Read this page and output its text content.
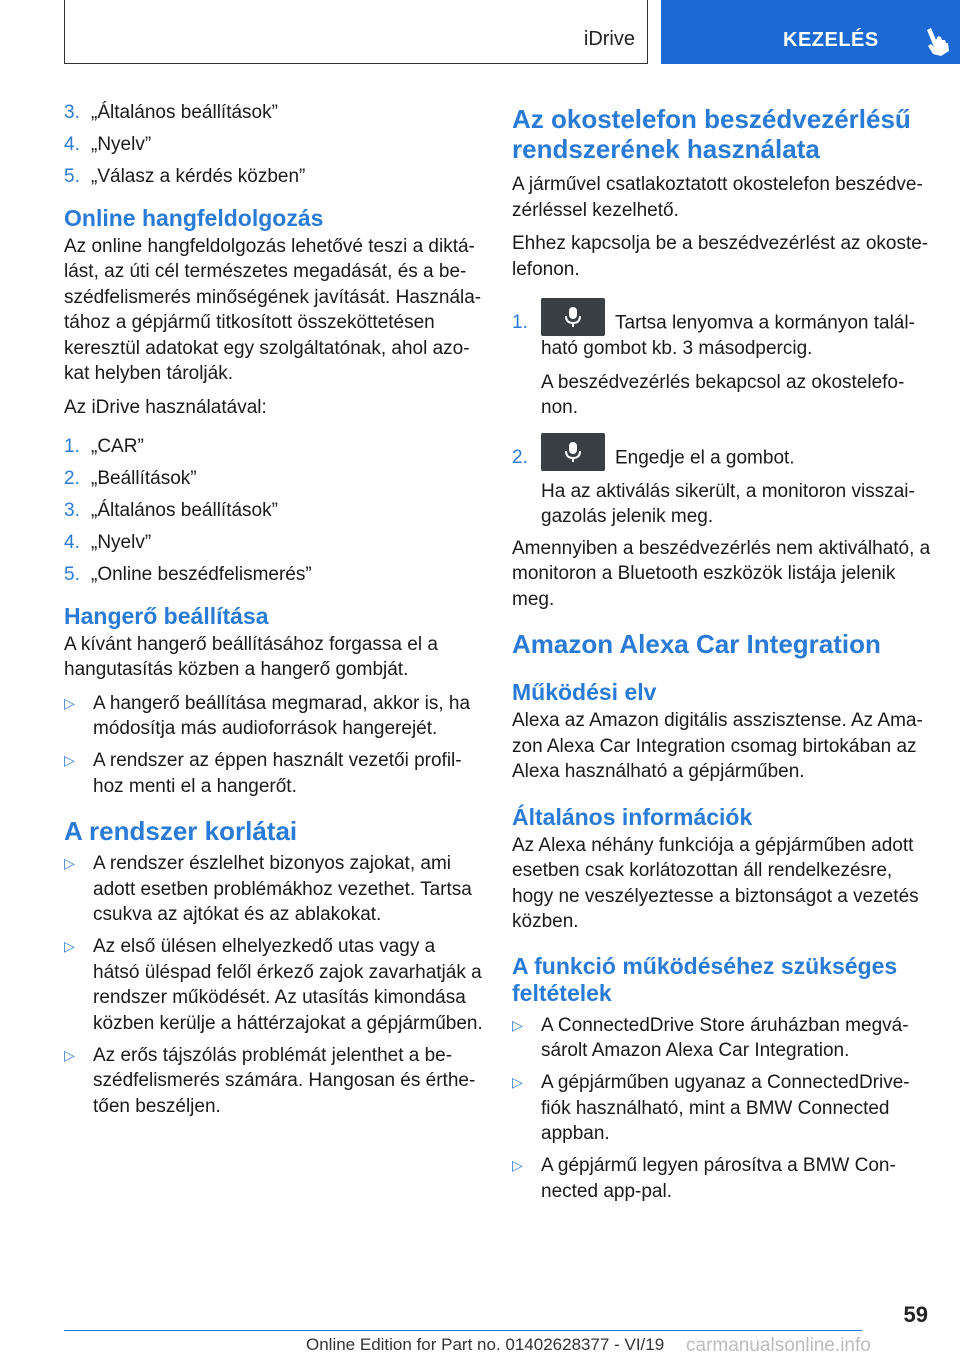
iDrive	KEZELÉS
3. „Általános beállítások”
4. „Nyelv”
5. „Válasz a kérdés közben”
Online hangfeldolgozás

Az online hangfeldolgozás lehetővé teszi a diktá-
lást, az úti cél természetes megadását, és a be-
szédfelismerés minőségének javítását. Használa-
tához a gépjármű titkosított összeköttetésen
keresztül adatokat egy szolgáltatónak, ahol azo-
kat helyben tárolják.

Az iDrive használatával:

1. „CAR”
2. „Beállítások”
3. „Általános beállítások”
4. „Nyelv”
5. „Online beszédfelismerés”
Hangerő beállítása

A kívánt hangerő beállításához forgassa el a
hangutasítás közben a hangerő gombját.

▷ A hangerő beállítása megmarad, akkor is, ha
módosítja más audioforrások hangerejét.

▷ A rendszer az éppen használt vezetői profil-
hoz menti el a hangerőt.

A rendszer korlátai
▷ A rendszer észlelhet bizonyos zajokat, ami
adott esetben problémákhoz vezethet. Tartsa
csukva az ajtókat és az ablakokat.

▷ Az első ülésen elhelyezkedő utas vagy a
hátsó üléspad felől érkező zajok zavarhatják a
rendszer működését. Az utasítás kimondása
közben kerülje a háttérzajokat a gépjárműben.

▷ Az erős tájszólás problémát jelenthet a be-
szédfelismerés számára. Hangosan és érthe-
tően beszéljen.

Az okostelefon beszédvezérlésű
rendszerének használata

A járművel csatlakoztatott okostelefon beszédve-
zérléssel kezelhető.

Ehhez kapcsolja be a beszédvezérlést az okoste-
lefonon.

1.	Tartsa lenyomva a kormányon talál-
ható gombot kb. 3 másodpercig.

A beszédvezérlés bekapcsol az okostelefo-
non.

2.	Engedje el a gombot.

Ha az aktiválás sikerült, a monitoron visszai-
gazolás jelenik meg.

Amennyiben a beszédvezérlés nem aktiválható, a
monitoron a Bluetooth eszközök listája jelenik
meg.

Amazon Alexa Car Integration
Működési elv

Alexa az Amazon digitális asszisztense. Az Ama-
zon Alexa Car Integration csomag birtokában az
Alexa használható a gépjárműben.

Általános információk

Az Alexa néhány funkciója a gépjárműben adott
esetben csak korlátozottan áll rendelkezésre,
hogy ne veszélyeztesse a biztonságot a vezetés
közben.

A funkció működéséhez szükséges
feltételek
▷ A ConnectedDrive Store áruházban megvá-
sárolt Amazon Alexa Car Integration.

▷ A gépjárműben ugyanaz a ConnectedDrive-
fiók használható, mint a BMW Connected
appban.

▷ A gépjármű legyen párosítva a BMW Con-
nected app-pal.

59
Online Edition for Part no. 01402628377 - VI/19 carmanualsonline.info
